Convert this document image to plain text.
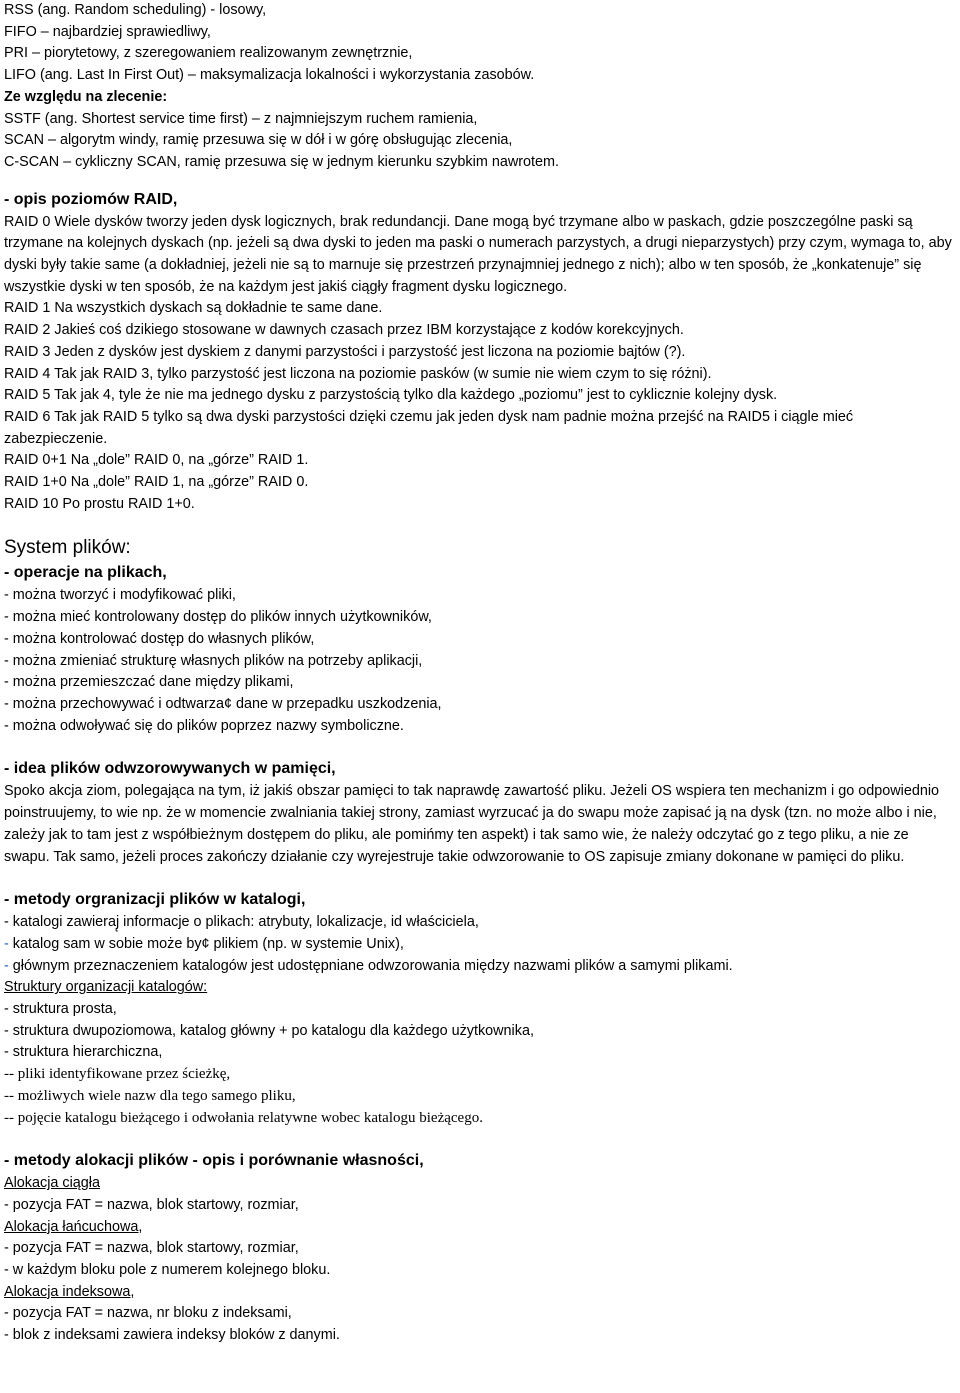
RSS (ang. Random scheduling) - losowy,
FIFO – najbardziej sprawiedliwy,
PRI – piorytetowy, z szeregowaniem realizowanym zewnętrznie,
LIFO (ang. Last In First Out) – maksymalizacja lokalności i wykorzystania zasobów.
Ze względu na zlecenie:
SSTF (ang. Shortest service time first) – z najmniejszym ruchem ramienia,
SCAN – algorytm windy, ramię przesuwa się w dół i w górę obsługując zlecenia,
C-SCAN – cykliczny SCAN, ramię przesuwa się w jednym kierunku szybkim nawrotem.
- opis poziomów RAID,
RAID 0 Wiele dysków tworzy jeden dysk logicznych, brak redundancji. Dane mogą być trzymane albo w paskach, gdzie poszczególne paski są trzymane na kolejnych dyskach (np. jeżeli są dwa dyski to jeden ma paski o numerach parzystych, a drugi nieparzystych) przy czym, wymaga to, aby dyski były takie same (a dokładniej, jeżeli nie są to marnuje się przestrzeń przynajmniej jednego z nich); albo w ten sposób, że „konkatenuje” się wszystkie dyski w ten sposób, że na każdym jest jakiś ciągły fragment dysku logicznego.
RAID 1 Na wszystkich dyskach są dokładnie te same dane.
RAID 2 Jakieś coś dzikiego stosowane w dawnych czasach przez IBM korzystające z kodów korekcyjnych.
RAID 3 Jeden z dysków jest dyskiem z danymi parzystości i parzystość jest liczona na poziomie bajtów (?).
RAID 4 Tak jak RAID 3, tylko parzystość jest liczona na poziomie pasków (w sumie nie wiem czym to się różni).
RAID 5 Tak jak 4, tyle że nie ma jednego dysku z parzystością tylko dla każdego „poziomu” jest to cyklicznie kolejny dysk.
RAID 6 Tak jak RAID 5 tylko są dwa dyski parzystości dzięki czemu jak jeden dysk nam padnie można przejść na RAID5 i ciągle mieć zabezpieczenie.
RAID 0+1 Na „dole” RAID 0, na „górze” RAID 1.
RAID 1+0 Na „dole” RAID 1, na „górze” RAID 0.
RAID 10 Po prostu RAID 1+0.
System plików:
- operacje na plikach,
- można tworzyć i modyfikować pliki,
- można mieć kontrolowany dostęp do plików innych użytkowników,
- można kontrolować dostęp do własnych plików,
- można zmieniać strukturę własnych plików na potrzeby aplikacji,
- można przemieszczać dane między plikami,
- można przechowywać i odtwarza¢ dane w przepadku uszkodzenia,
- można odwoływać się do plików poprzez nazwy symboliczne.
- idea plików odwzorowywanych w pamięci,
Spoko akcja ziom, polegająca na tym, iż jakiś obszar pamięci to tak naprawdę zawartość pliku. Jeżeli OS wspiera ten mechanizm i go odpowiednio poinstruujemy, to wie np. że w momencie zwalniania takiej strony, zamiast wyrzucać ja do swapu może zapisać ją na dysk (tzn. no może albo i nie, zależy jak to tam jest z współbieżnym dostępem do pliku, ale pomińmy ten aspekt) i tak samo wie, że należy odczytać go z tego pliku, a nie ze swapu. Tak samo, jeżeli proces zakończy działanie czy wyrejestruje takie odwzorowanie to OS zapisuje zmiany dokonane w pamięci do pliku.
- metody orgranizacji plików w katalogi,
- katalogi zawieraj̨ informacje o plikach: atrybuty, lokalizacje, id właściciela,
- katalog sam w sobie może by¢ plikiem (np. w systemie Unix),
- głównym przeznaczeniem katalogów jest udostępniane odwzorowania między nazwami plików a samymi plikami.
Struktury organizacji katalogów:
- struktura prosta,
- struktura dwupoziomowa, katalog główny + po katalogu dla każdego użytkownika,
- struktura hierarchiczna,
-- pliki identyfikowane przez ścieżkę,
-- możliwych wiele nazw dla tego samego pliku,
-- pojęcie katalogu bieżącego i odwołania relatywne wobec katalogu bieżącego.
- metody alokacji plików - opis i porównanie własności,
Alokacja ciągła
- pozycja FAT = nazwa, blok startowy, rozmiar,
Alokacja łańcuchowa,
- pozycja FAT = nazwa, blok startowy, rozmiar,
- w każdym bloku pole z numerem kolejnego bloku.
Alokacja indeksowa,
- pozycja FAT = nazwa, nr bloku z indeksami,
- blok z indeksami zawiera indeksy bloków z danymi.
